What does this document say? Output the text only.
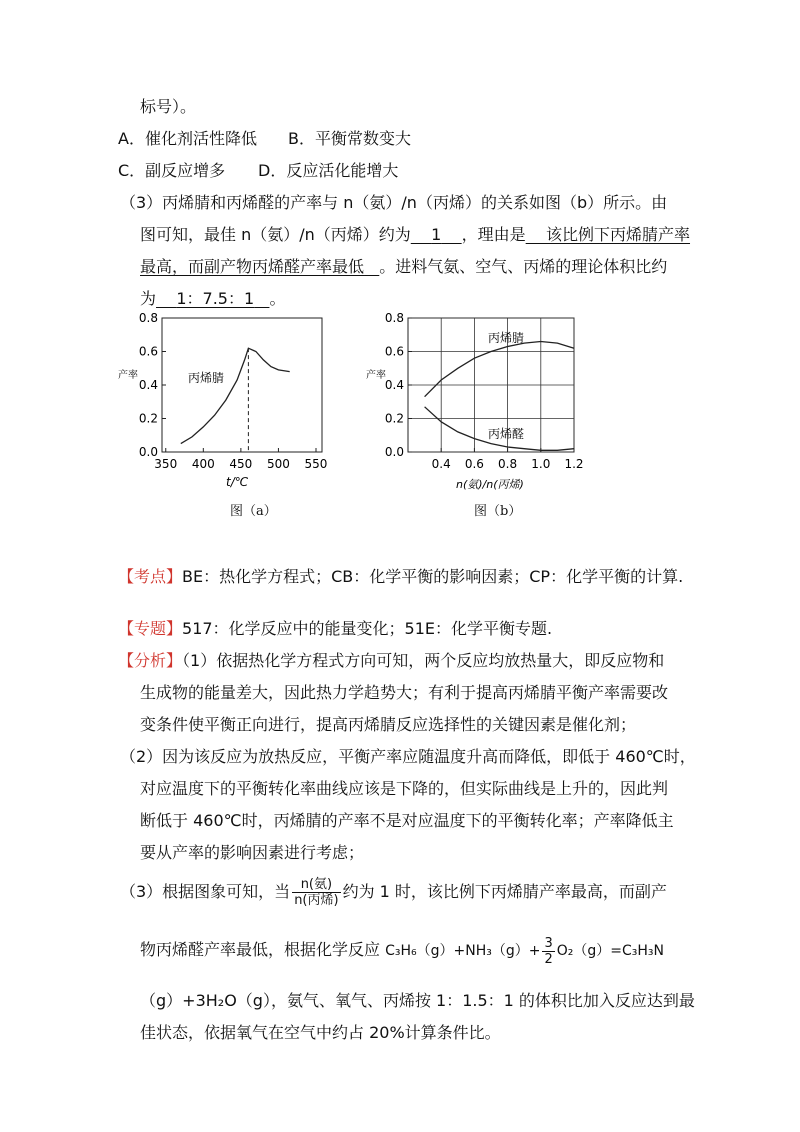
标号）。
A．催化剂活性降低 B．平衡常数变大
C．副反应增多 D．反应活化能增大
（3）丙烯腈和丙烯醛的产率与 n（氨）/n（丙烯）的关系如图（b）所示。由
图可知，最佳 n（氨）/n（丙烯）约为 1 ，理由是 该比例下丙烯腈产率
最高，而副产物丙烯醛产率最低 。进料气氨、空气、丙烯的理论体积比约
为 1：7.5：1 。
0.0
0.2
0.4
0.6
0.8
350 400 450 500 550
丙烯腈
产率
t/℃
图（a）
0.0
0.2
0.4
0.6
0.8
0.4 0.6 0.8 1.0 1.2
丙烯腈
丙烯醛
产率
n(氨)/n(丙烯)
图（b）
【考点】BE：热化学方程式；CB：化学平衡的影响因素；CP：化学平衡的计算.
【专题】517：化学反应中的能量变化；51E：化学平衡专题.
【分析】（1）依据热化学方程式方向可知，两个反应均放热量大，即反应物和
生成物的能量差大，因此热力学趋势大；有利于提高丙烯腈平衡产率需要改
变条件使平衡正向进行，提高丙烯腈反应选择性的关键因素是催化剂；
（2）因为该反应为放热反应，平衡产率应随温度升高而降低，即低于 460℃时，
对应温度下的平衡转化率曲线应该是下降的，但实际曲线是上升的，因此判
断低于 460℃时，丙烯腈的产率不是对应温度下的平衡转化率；产率降低主
要从产率的影响因素进行考虑；
（3）根据图象可知，当 $\frac{\text{n(氨)}}{\text{n(丙烯)}}$ 约为 1 时，该比例下丙烯腈产率最高，而副产
物丙烯醛产率最低，根据化学反应 $C_3H_6(g)+NH_3(g)+ \frac{3}{2} O_2(g)=C_3H_3N$
（g）+3H₂O（g），氨气、氧气、丙烯按 1：1.5：1 的体积比加入反应达到最
佳状态，依据氧气在空气中约占 20%计算条件比。
